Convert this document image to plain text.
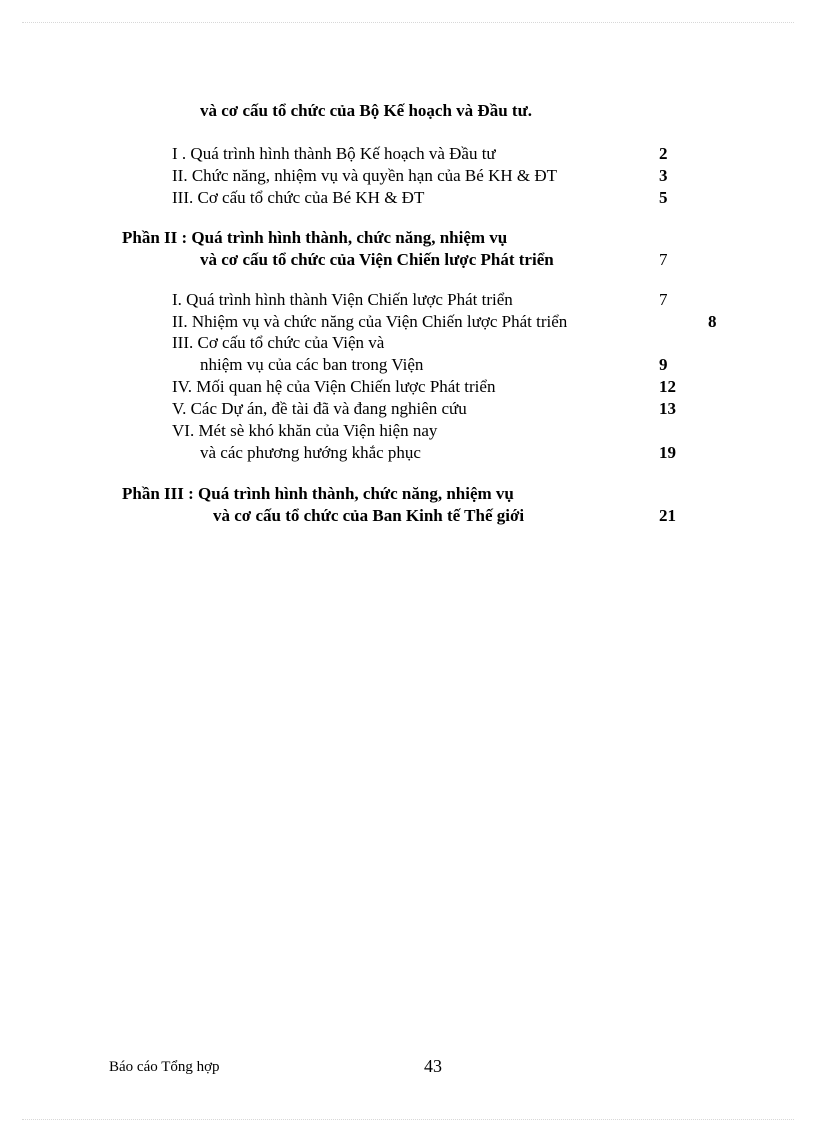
và cơ cấu tổ chức của Bộ Kế hoạch và Đầu tư.
I . Quá trình hình thành Bộ Kế hoạch và Đầu tư	2
II. Chức năng, nhiệm vụ và quyền hạn của Bé KH & ĐT	3
III. Cơ cấu tổ chức của Bé KH & ĐT	5
Phần II : Quá trình hình thành, chức năng, nhiệm vụ
và cơ cấu tổ chức của Viện Chiến lược Phát triển	7
I. Quá trình hình thành Viện Chiến lược Phát triển	7
II. Nhiệm vụ và chức năng của Viện Chiến lược Phát triển	8
III. Cơ cấu tổ chức của Viện và
nhiệm vụ của các ban trong Viện	9
IV. Mối quan hệ của Viện Chiến lược Phát triển	12
V. Các Dự án, đề tài đã và đang nghiên cứu	13
VI. Mét sè khó khăn của Viện hiện nay
và các phương hướng khắc phục	19
Phần III : Quá trình hình thành, chức năng, nhiệm vụ
và cơ cấu tổ chức của Ban Kinh tế Thế giới	21
Báo cáo Tổng hợp	43
